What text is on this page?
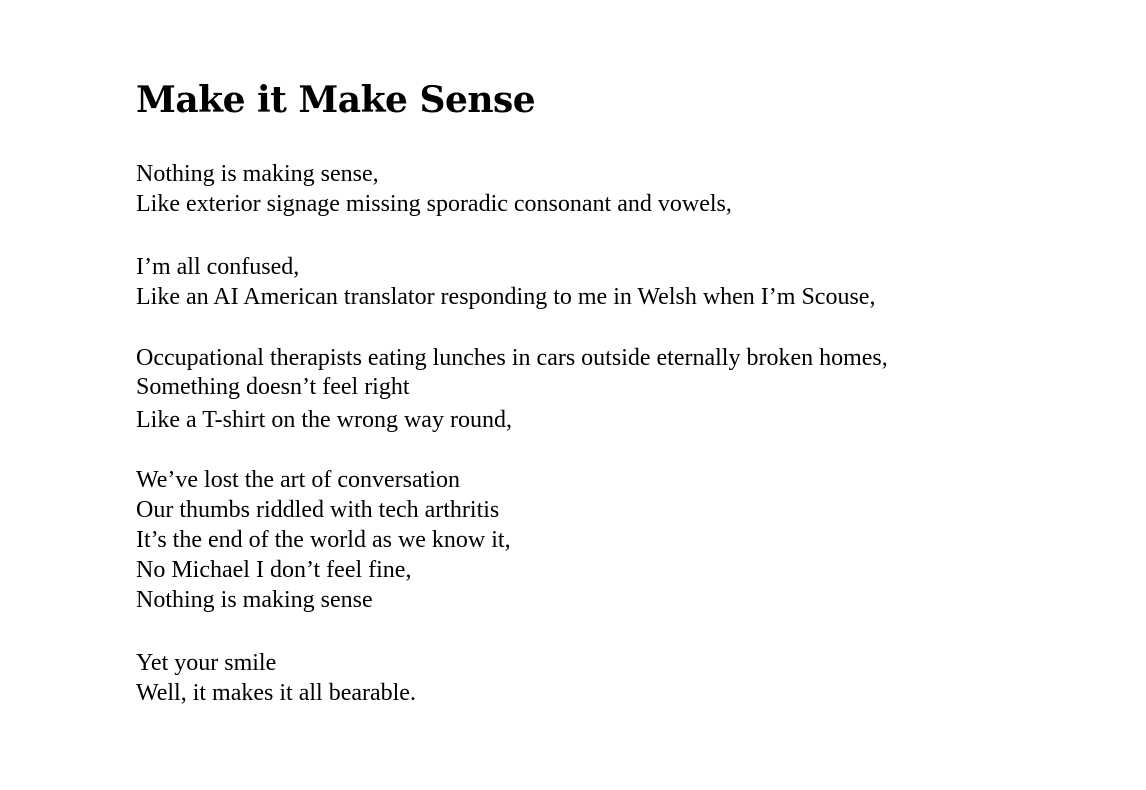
Make it Make Sense

Nothing is making sense,

Like exterior signage missing sporadic consonant and vowels,

I’m all confused,

Like an AI American translator responding to me in Welsh when I’m Scouse,

Occupational therapists eating lunches in cars outside eternally broken homes,

Something doesn’t feel right

Like a T-shirt on the wrong way round,

We’ve lost the art of conversation

Our thumbs riddled with tech arthritis

It’s the end of the world as we know it,

No Michael I don’t feel fine,

Nothing is making sense

Yet your smile

Well, it makes it all bearable.
